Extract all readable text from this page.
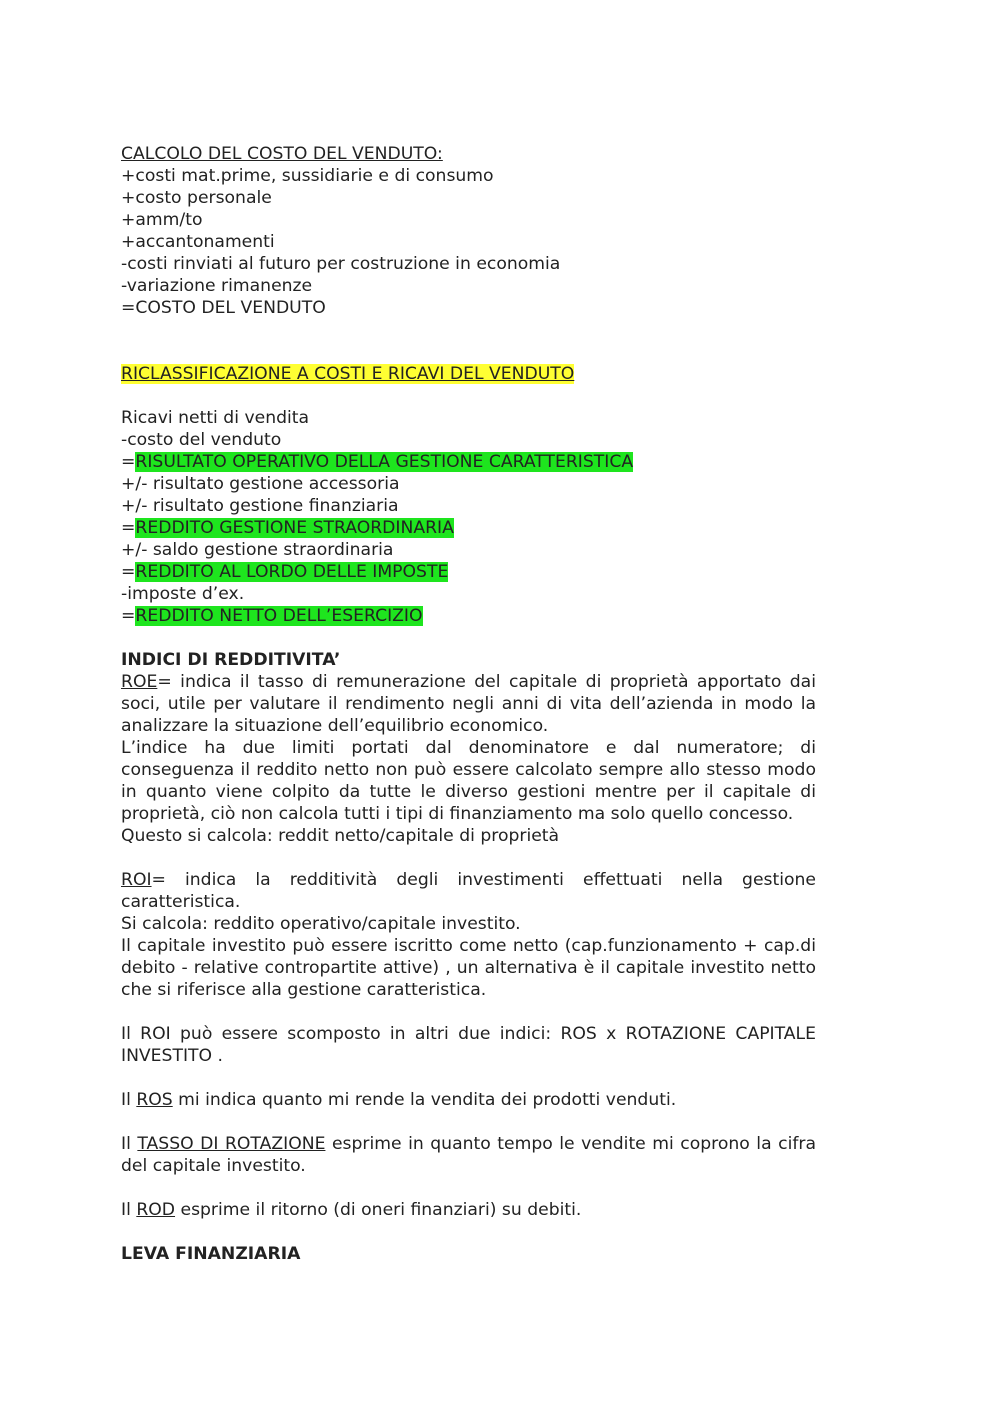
CALCOLO DEL COSTO DEL VENDUTO:
+costi mat.prime, sussidiarie e di consumo
+costo personale
+amm/to
+accantonamenti
-costi rinviati al futuro per costruzione in economia
-variazione rimanenze
=COSTO DEL VENDUTO
RICLASSIFICAZIONE A COSTI E RICAVI DEL VENDUTO
Ricavi netti di vendita
-costo del venduto
=RISULTATO OPERATIVO DELLA GESTIONE CARATTERISTICA
+/- risultato gestione accessoria
+/- risultato gestione finanziaria
=REDDITO GESTIONE STRAORDINARIA
+/- saldo gestione straordinaria
=REDDITO AL LORDO DELLE IMPOSTE
-imposte d’ex.
=REDDITO NETTO DELL’ESERCIZIO
INDICI DI REDDITIVITA’
ROE= indica il tasso di remunerazione del capitale di proprietà apportato dai soci, utile per valutare il rendimento negli anni di vita dell’azienda in modo la analizzare la situazione dell’equilibrio economico.
L’indice ha due limiti portati dal denominatore e dal numeratore; di conseguenza il reddito netto non può essere calcolato sempre allo stesso modo in quanto viene colpito da tutte le diverso gestioni mentre per il capitale di proprietà, ciò non calcola tutti i tipi di finanziamento ma solo quello concesso.
Questo si calcola: reddit netto/capitale di proprietà
ROI= indica la redditività degli investimenti effettuati nella gestione caratteristica.
Si calcola: reddito operativo/capitale investito.
Il capitale investito può essere iscritto come netto (cap.funzionamento + cap.di debito - relative contropartite attive) , un alternativa è il capitale investito netto che si riferisce alla gestione caratteristica.
Il ROI può essere scomposto in altri due indici: ROS x ROTAZIONE CAPITALE INVESTITO .
Il ROS mi indica quanto mi rende la vendita dei prodotti venduti.
Il TASSO DI ROTAZIONE esprime in quanto tempo le vendite mi coprono la cifra del capitale investito.
Il ROD esprime il ritorno (di oneri finanziari) su debiti.
LEVA FINANZIARIA
